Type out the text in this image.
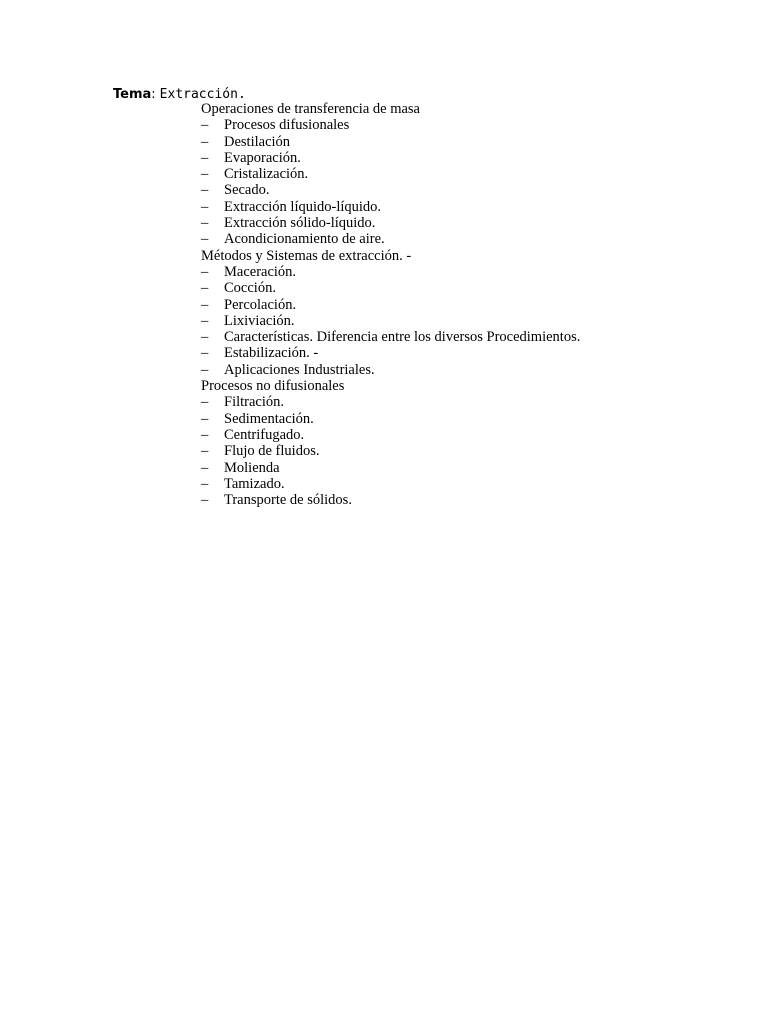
Tema: Extracción.
Operaciones de transferencia de masa
–	Procesos difusionales
–	Destilación
–	Evaporación.
–	Cristalización.
–	Secado.
–	Extracción líquido-líquido.
–	Extracción sólido-líquido.
–	Acondicionamiento de aire.
Métodos y Sistemas de extracción. -
–	Maceración.
–	Cocción.
–	Percolación.
–	Lixiviación.
–	Características. Diferencia entre los diversos Procedimientos.
–	Estabilización. -
–	Aplicaciones Industriales.
Procesos no difusionales
–	Filtración.
–	Sedimentación.
–	Centrifugado.
–	Flujo de fluidos.
–	Molienda
–	Tamizado.
–	Transporte de sólidos.
